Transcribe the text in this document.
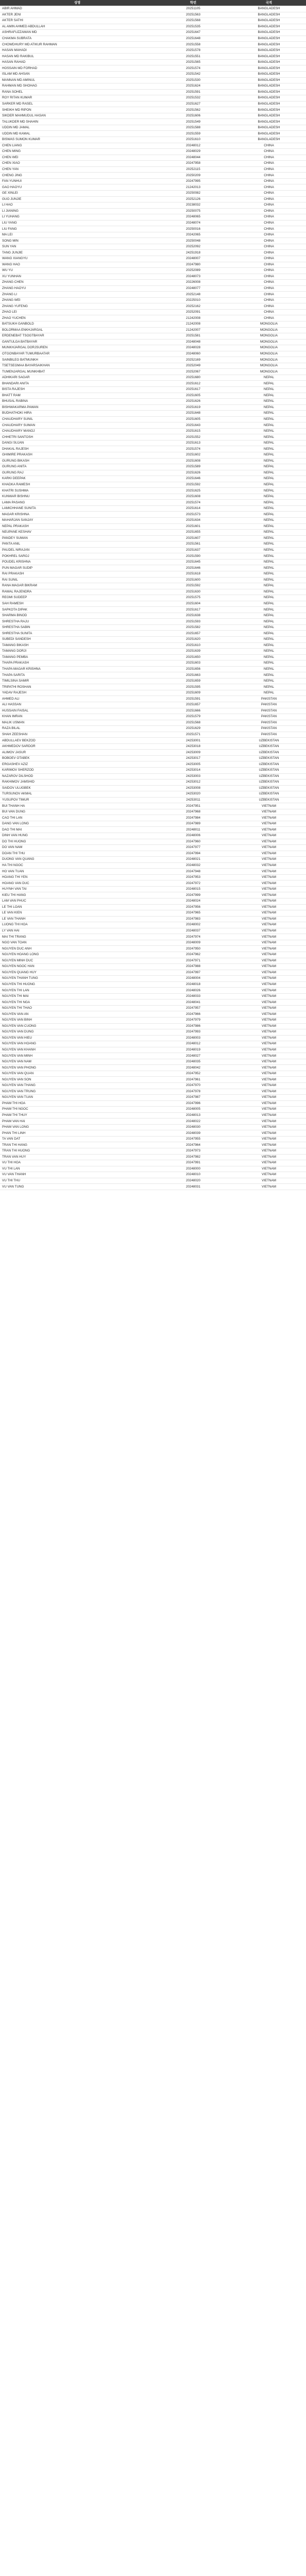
성명	학번	국적
ABIR AHMAD	20251105	BANGLADESH
AKTER JENI	20251563	BANGLADESH
AKTER SATHI	20251568	BANGLADESH
AL AMIN AHMED ABDULLAH	20251535	BANGLADESH
ASHRAFUZZAMAN MD	20251647	BANGLADESH
CHAKMA SUBRATA	20251648	BANGLADESH
CHOWDHURY MD ATIKUR RAHMAN	20251558	BANGLADESH
HASAN MAHADI	20251578	BANGLADESH
HASAN MD RAKIBUL	20251551	BANGLADESH
HASAN RAHAD	20251565	BANGLADESH
HOSSAIN MD FORHAD	20251574	BANGLADESH
ISLAM MD AHSAN	20251542	BANGLADESH
MANNAN MD AMINUL	20251530	BANGLADESH
RAHMAN MD SHOHAG	20251624	BANGLADESH
RANA SOHEL	20251591	BANGLADESH
ROY RITAN KUMAR	20251532	BANGLADESH
SARKER MD RASEL	20251627	BANGLADESH
SHEIKH MD RIPON	20251562	BANGLADESH
SIKDER MAHMUDUL HASAN	20251606	BANGLADESH
TALUKDER MD SHAHIN	20251549	BANGLADESH
UDDIN MD JAMAL	20251588	BANGLADESH
UDDIN MD KAMAL	20251559	BANGLADESH
BISWAS SUMON KUMAR	20251610	BANGLADESH
CHEN LIANG	20248012	CHINA
CHEN MING	20248029	CHINA
CHEN WEI	20248044	CHINA
CHEN XIAO	20247958	CHINA
CHEN YAN	20252115	CHINA
CHENG JING	20250209	CHINA
FAN YUNHUI	20247995	CHINA
GAO HAOYU	21242013	CHINA
GE XINLEI	20250082	CHINA
GUO JUNJIE	20252126	CHINA
LI HAO	20238032	CHINA
LI JIANING	20250075	CHINA
LI YUHANG	20248065	CHINA
LIU YANG	20248074	CHINA
LIU FANG	20250016	CHINA
MA LEI	20242065	CHINA
SONG MIN	20250048	CHINA
SUN YAN	20252092	CHINA
TANG JUNJIE	24251918	CHINA
WANG XIANGYU	20248007	CHINA
WANG HAO	20247980	CHINA
WU YU	20252089	CHINA
XU YUNHAN	20248073	CHINA
ZHANG CHEN	20226008	CHINA
ZHANG HAOYU	20248077	CHINA
ZHANG LI	20252148	CHINA
ZHANG WEI	20225010	CHINA
ZHANG YUFENG	20252162	CHINA
ZHAO LEI	20252091	CHINA
ZHAO YUCHEN	21242008	CHINA
BATSUKH GANBOLD	21242008	MONGOLIA
BOLORMAA ENKHJARGAL	21242007	MONGOLIA
ERDENEBAT TSOGTBAYAR	20251581	MONGOLIA
GANTULGA BATBAYAR	20248048	MONGOLIA
MUNKHJARGAL DORJSUREN	20248028	MONGOLIA
OTGONBAYAR TUMURBAATAR	20248060	MONGOLIA
SAINBILEG BATMUNKH	20252169	MONGOLIA
TSETSEGMAA BAYARSAIKHAN	20252049	MONGOLIA
TUMENJARGAL MUNKHBAT	20252067	MONGOLIA
ADHIKARI SAGAR	20251680	NEPAL
BHANDARI ANITA	20251612	NEPAL
BISTA RAJESH	20251617	NEPAL
BHATT RAM	20251605	NEPAL
BHUSAL RABINA	20251626	NEPAL
BISHWAKARMA PAWAN	20251619	NEPAL
BUDHATHOKI HIRA	20251648	NEPAL
CHAUDHARY SUNIL	20251605	NEPAL
CHAUDHARY SUMAN	20251643	NEPAL
CHAUDHARY MANOJ	20251615	NEPAL
CHHETRI SANTOSH	20251552	NEPAL
DANGI SUJAN	20251613	NEPAL
DHAKAL RAJESH	20251574	NEPAL
GHIMIRE PRAKASH	20251602	NEPAL
GURUNG BIKASH	20251608	NEPAL
GURUNG ANITA	20251589	NEPAL
GURUNG RAJ	20251626	NEPAL
KARKI DEEPAK	20251646	NEPAL
KHADKA RAMESH	20251592	NEPAL
KHATRI SUSHMA	20251625	NEPAL
KUNWAR BISHNU	20251608	NEPAL
LAMA PASANG	20251574	NEPAL
LAMICHHANE SUNITA	20251614	NEPAL
MAGAR KRISHNA	20251573	NEPAL
MAHARJAN SANJAY	20251634	NEPAL
NEPAL PRAKASH	20251601	NEPAL
NEUPANE KESHAV	20251655	NEPAL
PANDEY SUMAN	20251607	NEPAL
PANTA ANIL	20251561	NEPAL
PAUDEL NIRAJAN	20251637	NEPAL
POKHREL SAROJ	20251590	NEPAL
POUDEL KRISHNA	20251645	NEPAL
PUN MAGAR SUDIP	20251646	NEPAL
RAI PRAKASH	20251618	NEPAL
RAI SUNIL	20251600	NEPAL
RANA MAGAR BIKRAM	20251592	NEPAL
RAWAL RAJENDRA	20251630	NEPAL
REGMI SUDEEP	20251575	NEPAL
SAH RAMESH	20251604	NEPAL
SAPKOTA DIPAK	20251617	NEPAL
SHARMA BINOD	20251638	NEPAL
SHRESTHA RAJU	20251593	NEPAL
SHRESTHA SABIN	20251582	NEPAL
SHRESTHA SUNITA	20251657	NEPAL
SUBEDI SANDESH	20251620	NEPAL
TAMANG BIKASH	20251610	NEPAL
TAMANG DORJI	20251639	NEPAL
TAMANG PEMBA	20251650	NEPAL
THAPA PRAKASH	20251603	NEPAL
THAPA MAGAR KRISHNA	20251656	NEPAL
THAPA SARITA	20251663	NEPAL
TIMILSINA SAMIR	20251659	NEPAL
TRIPATHI ROSHAN	20251595	NEPAL
YADAV RAJESH	20251609	NEPAL
AHMED ALI	20251591	PAKISTAN
ALI HASSAN	20251657	PAKISTAN
HUSSAIN FAISAL	20251666	PAKISTAN
KHAN IMRAN	20251579	PAKISTAN
MALIK USMAN	20251568	PAKISTAN
RAZA BILAL	20251629	PAKISTAN
SHAH ZEESHAN	20251571	PAKISTAN
ABDULLAEV BEKZOD	24253001	UZBEKISTAN
AKHMEDOV SARDOR	24253018	UZBEKISTAN
ALIMOV JASUR	24253009	UZBEKISTAN
BOBOEV OTABEK	24253017	UZBEKISTAN
ERGASHEV AZIZ	24253005	UZBEKISTAN
KARIMOV SHERZOD	24253014	UZBEKISTAN
NAZAROV DILSHOD	24253003	UZBEKISTAN
RAKHIMOV JAMSHID	24253012	UZBEKISTAN
SAIDOV ULUGBEK	24253008	UZBEKISTAN
TURSUNOV AKMAL	24253020	UZBEKISTAN
YUSUPOV TIMUR	24253011	UZBEKISTAN
BUI THANH HA	20247951	VIETNAM
BUI VAN DUNG	20247968	VIETNAM
CAO THI LAN	20247984	VIETNAM
DANG VAN LONG	20247989	VIETNAM
DAO THI MAI	20248011	VIETNAM
DINH VAN HUNG	20248006	VIETNAM
DO THI HUONG	20247960	VIETNAM
DO VAN NAM	20247977	VIETNAM
DOAN THI THU	20247994	VIETNAM
DUONG VAN QUANG	20248021	VIETNAM
HA THI NGOC	20248032	VIETNAM
HO VAN TUAN	20247948	VIETNAM
HOANG THI YEN	20247953	VIETNAM
HOANG VAN DUC	20247972	VIETNAM
HUYNH VAN TAI	20248015	VIETNAM
KIEU THI HANG	20247999	VIETNAM
LAM VAN PHUC	20248024	VIETNAM
LE THI LOAN	20247956	VIETNAM
LE VAN KIEN	20247965	VIETNAM
LE VAN THANH	20247983	VIETNAM
LUONG THI HOA	20248002	VIETNAM
LY VAN HAI	20248037	VIETNAM
MAI THI TRANG	20247974	VIETNAM
NGO VAN TOAN	20248009	VIETNAM
NGUYEN DUC ANH	20247950	VIETNAM
NGUYEN HOANG LONG	20247962	VIETNAM
NGUYEN MINH DUC	20247971	VIETNAM
NGUYEN NGOC HAN	20247988	VIETNAM
NGUYEN QUANG HUY	20247997	VIETNAM
NGUYEN THANH TUNG	20248004	VIETNAM
NGUYEN THI HUONG	20248018	VIETNAM
NGUYEN THI LAN	20248026	VIETNAM
NGUYEN THI MAI	20248033	VIETNAM
NGUYEN THI NGA	20248041	VIETNAM
NGUYEN THI THAO	20247957	VIETNAM
NGUYEN VAN AN	20247966	VIETNAM
NGUYEN VAN BINH	20247979	VIETNAM
NGUYEN VAN CUONG	20247986	VIETNAM
NGUYEN VAN DUNG	20247993	VIETNAM
NGUYEN VAN HIEU	20248003	VIETNAM
NGUYEN VAN HOANG	20248012	VIETNAM
NGUYEN VAN KHANH	20248019	VIETNAM
NGUYEN VAN MINH	20248027	VIETNAM
NGUYEN VAN NAM	20248035	VIETNAM
NGUYEN VAN PHONG	20248042	VIETNAM
NGUYEN VAN QUAN	20247952	VIETNAM
NGUYEN VAN SON	20247961	VIETNAM
NGUYEN VAN THANG	20247970	VIETNAM
NGUYEN VAN TRUNG	20247978	VIETNAM
NGUYEN VAN TUAN	20247987	VIETNAM
PHAM THI HOA	20247996	VIETNAM
PHAM THI NGOC	20248005	VIETNAM
PHAM THI THUY	20248013	VIETNAM
PHAM VAN HAI	20248022	VIETNAM
PHAM VAN LONG	20248030	VIETNAM
PHAN THI LINH	20248039	VIETNAM
TA VAN DAT	20247955	VIETNAM
TRAN THI HANG	20247964	VIETNAM
TRAN THI HUONG	20247973	VIETNAM
TRAN VAN HUY	20247982	VIETNAM
VU THI HOA	20247991	VIETNAM
VU THI LAN	20248000	VIETNAM
VU VAN THANH	20248010	VIETNAM
VU THI THU	20248020	VIETNAM
VU VAN TUNG	20248031	VIETNAM
